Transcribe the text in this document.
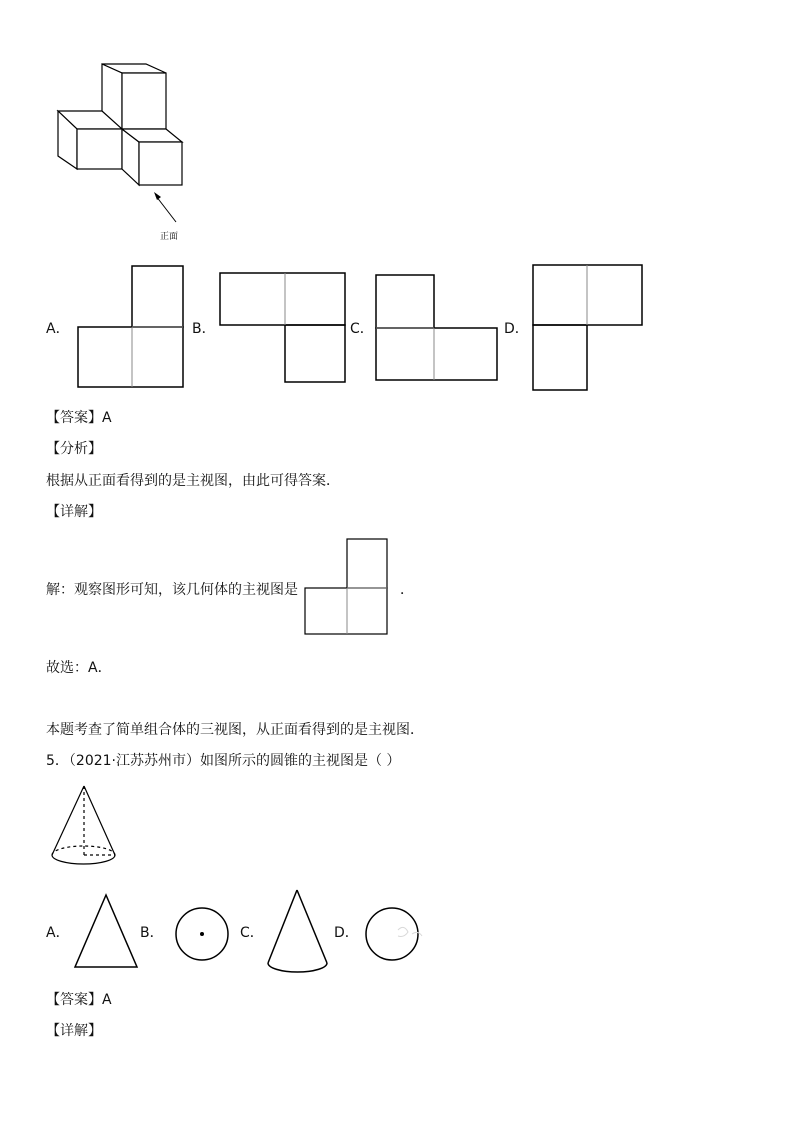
正面
A．	B．	C．	D．
【答案】A
【分析】
根据从正面看得到的是主视图，由此可得答案．
【详解】
解：观察图形可知，该几何体的主视图是	．
故选：A．
本题考查了简单组合体的三视图，从正面看得到的是主视图．
5．（2021·江苏苏州市）如图所示的圆锥的主视图是（ ）
A．	B．	C．	D．
【答案】A
【详解】
